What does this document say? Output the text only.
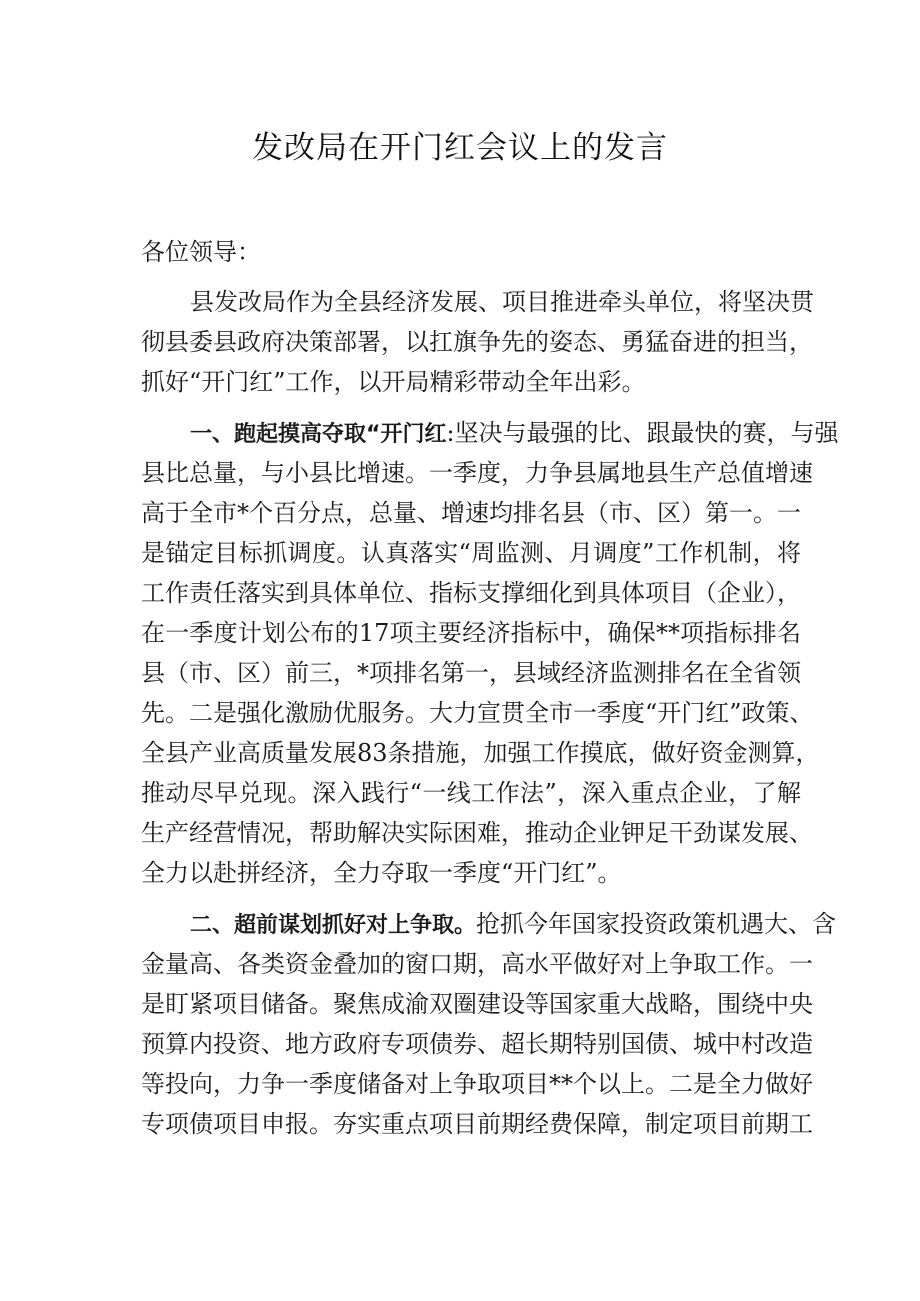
发改局在开门红会议上的发言
各位领导：
县发改局作为全县经济发展、项目推进牵头单位，将坚决贯
彻县委县政府决策部署，以扛旗争先的姿态、勇猛奋进的担当，
抓好“开门红”工作，以开局精彩带动全年出彩。
一、跑起摸高夺取“开门红:坚决与最强的比、跟最快的赛，与强
县比总量，与小县比增速。一季度，力争县属地县生产总值增速
高于全市*个百分点，总量、增速均排名县（市、区）第一。一
是锚定目标抓调度。认真落实“周监测、月调度”工作机制，将
工作责任落实到具体单位、指标支撑细化到具体项目（企业），
在一季度计划公布的17项主要经济指标中，确保**项指标排名
县（市、区）前三，*项排名第一，县域经济监测排名在全省领
先。二是强化激励优服务。大力宣贯全市一季度“开门红”政策、
全县产业高质量发展83条措施，加强工作摸底，做好资金测算，
推动尽早兑现。深入践行“一线工作法”，深入重点企业，了解
生产经营情况，帮助解决实际困难，推动企业钾足干劲谋发展、
全力以赴拼经济，全力夺取一季度“开门红”。
二、超前谋划抓好对上争取。抢抓今年国家投资政策机遇大、含
金量高、各类资金叠加的窗口期，高水平做好对上争取工作。一
是盯紧项目储备。聚焦成渝双圈建设等国家重大战略，围绕中央
预算内投资、地方政府专项债券、超长期特别国债、城中村改造
等投向，力争一季度储备对上争取项目**个以上。二是全力做好
专项债项目申报。夯实重点项目前期经费保障，制定项目前期工
